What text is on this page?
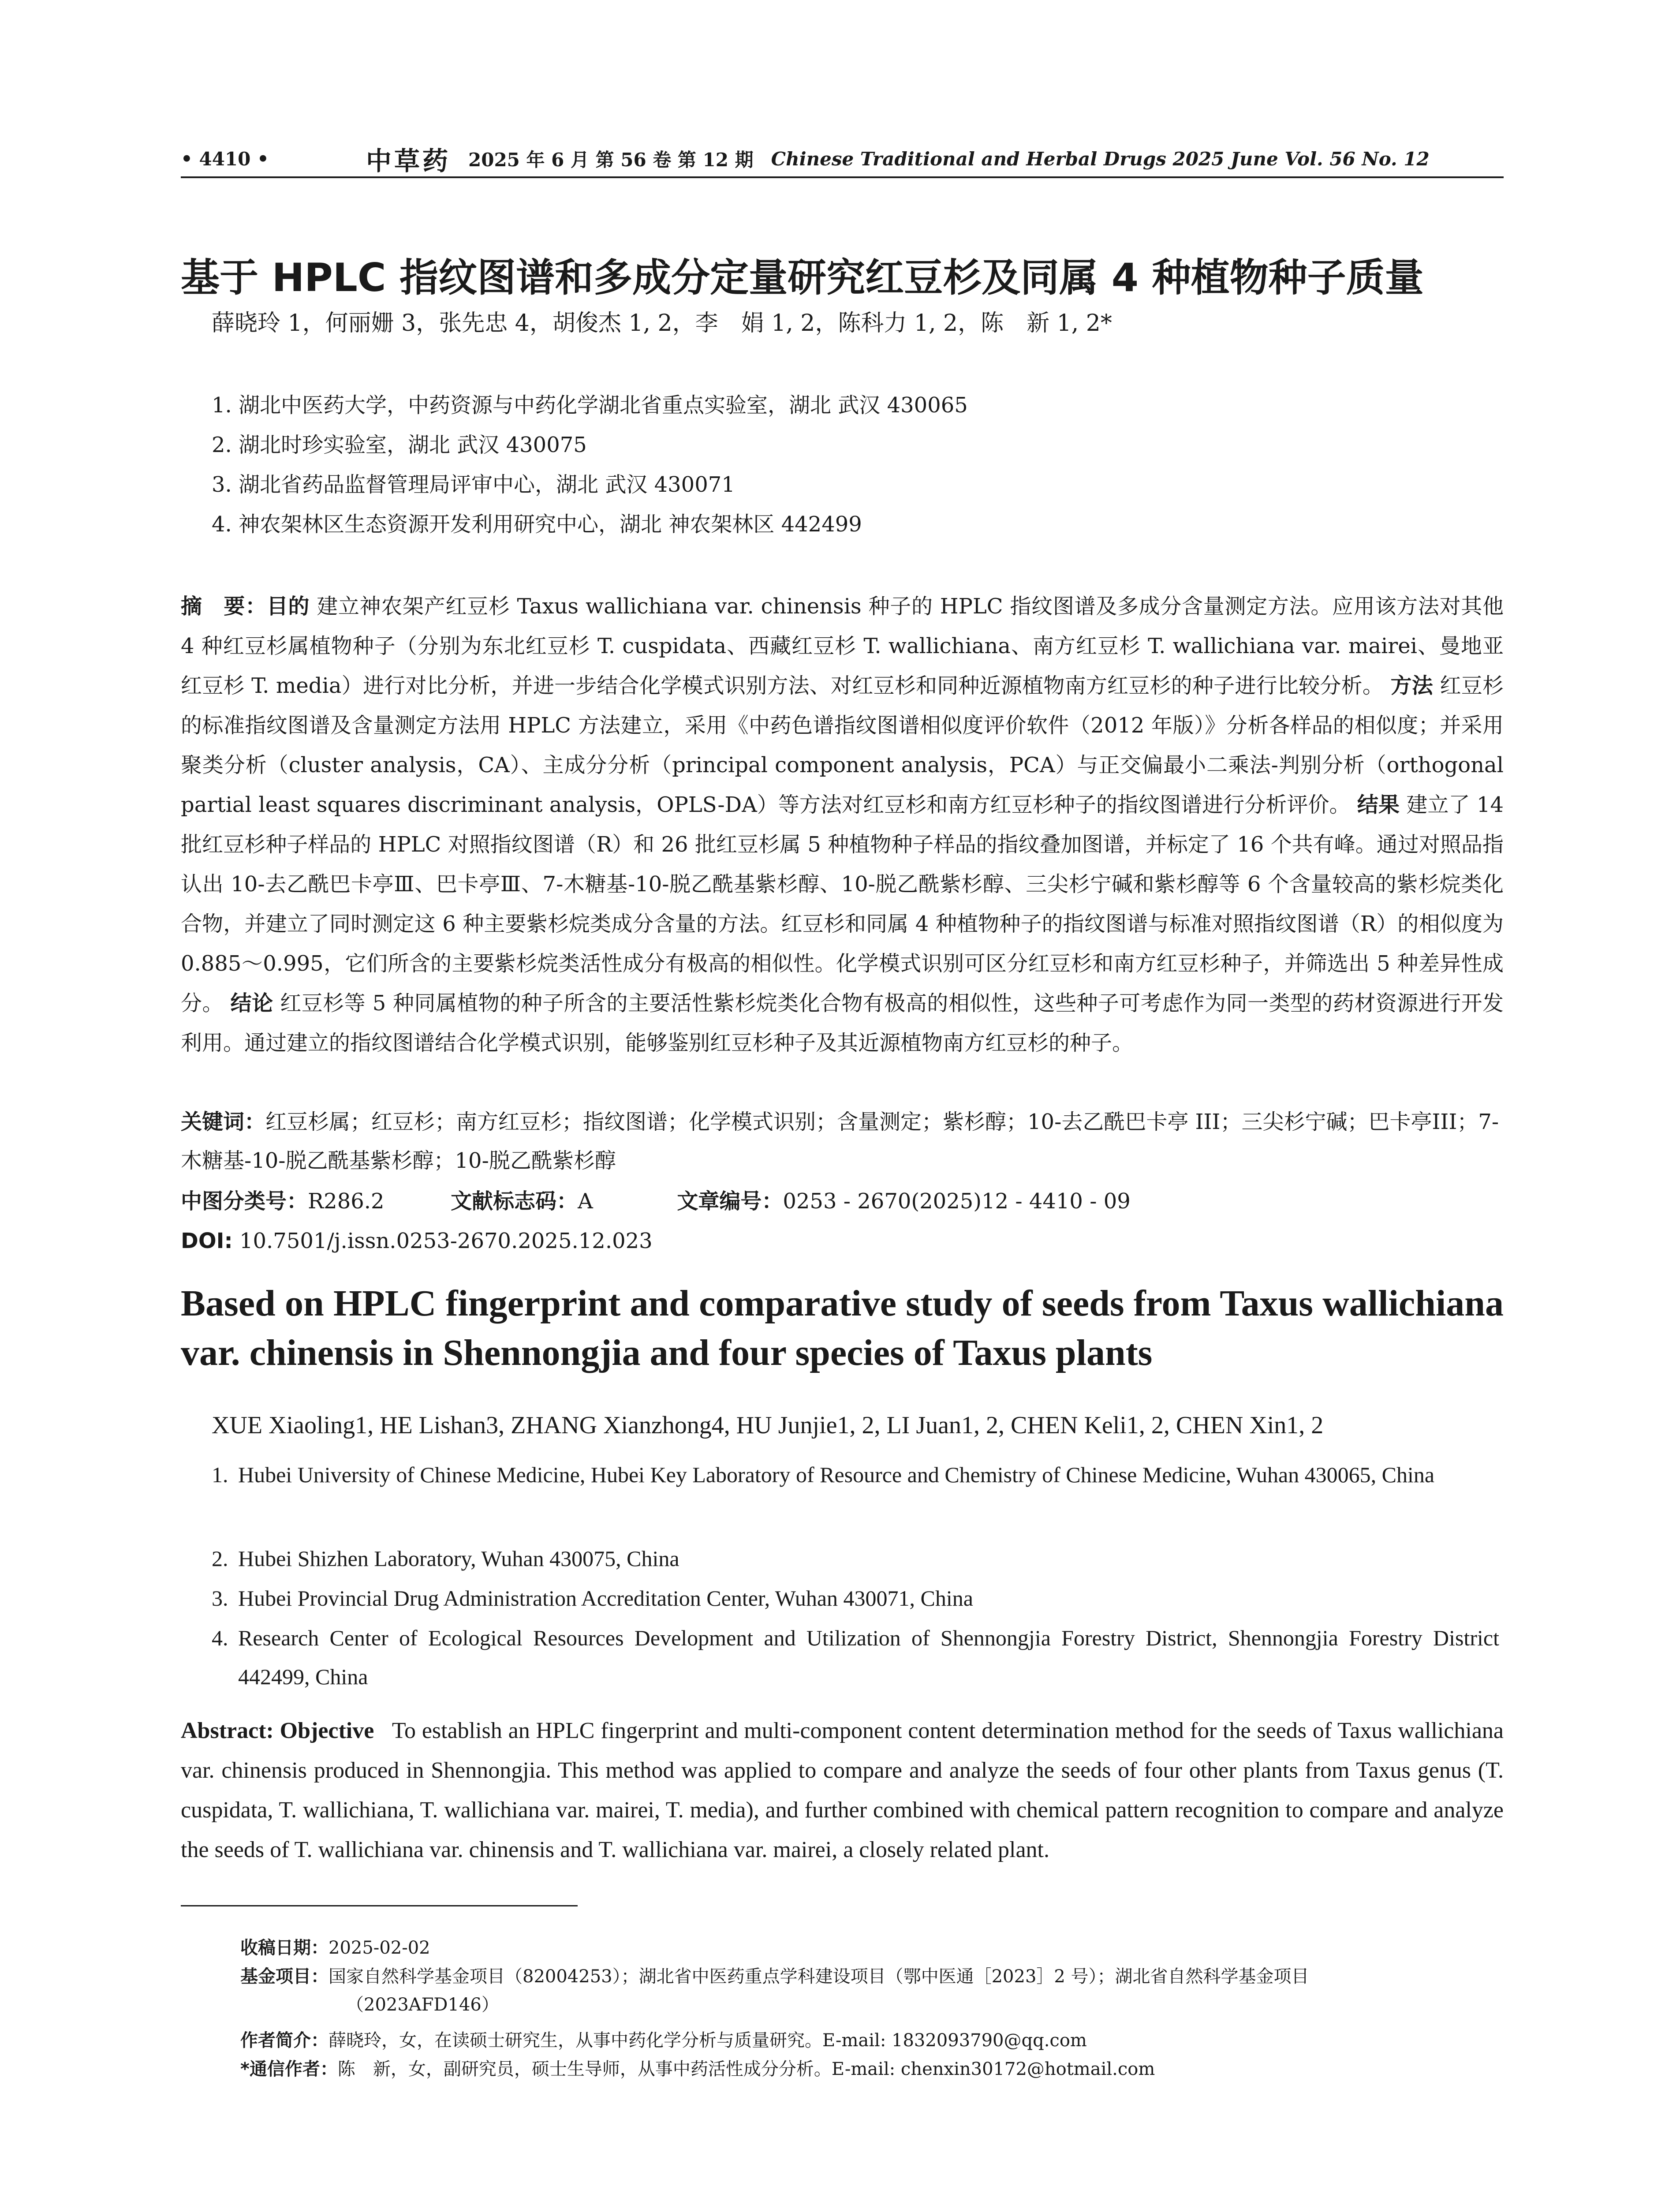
• 4410 •	中草药 2025 年 6 月 第 56 卷 第 12 期 Chinese Traditional and Herbal Drugs 2025 June Vol. 56 No. 12
基于 HPLC 指纹图谱和多成分定量研究红豆杉及同属 4 种植物种子质量
薛晓玲 1，何丽姗 3，张先忠 4，胡俊杰 1, 2，李　娟 1, 2，陈科力 1, 2，陈　新 1, 2*
1. 湖北中医药大学，中药资源与中药化学湖北省重点实验室，湖北 武汉 430065
2. 湖北时珍实验室，湖北 武汉 430075
3. 湖北省药品监督管理局评审中心，湖北 武汉 430071
4. 神农架林区生态资源开发利用研究中心，湖北 神农架林区 442499
摘　要：目的 建立神农架产红豆杉 Taxus wallichiana var. chinensis 种子的 HPLC 指纹图谱及多成分含量测定方法。应用该方法对其他 4 种红豆杉属植物种子（分别为东北红豆杉 T. cuspidata、西藏红豆杉 T. wallichiana、南方红豆杉 T. wallichiana var. mairei、曼地亚红豆杉 T. media）进行对比分析，并进一步结合化学模式识别方法、对红豆杉和同种近源植物南方红豆杉的种子进行比较分析。 方法 红豆杉的标准指纹图谱及含量测定方法用 HPLC 方法建立，采用《中药色谱指纹图谱相似度评价软件（2012 年版）》分析各样品的相似度；并采用聚类分析（cluster analysis，CA）、主成分分析（principal component analysis，PCA）与正交偏最小二乘法-判别分析（orthogonal partial least squares discriminant analysis，OPLS-DA）等方法对红豆杉和南方红豆杉种子的指纹图谱进行分析评价。 结果 建立了 14 批红豆杉种子样品的 HPLC 对照指纹图谱（R）和 26 批红豆杉属 5 种植物种子样品的指纹叠加图谱，并标定了 16 个共有峰。通过对照品指认出 10-去乙酰巴卡亭Ⅲ、巴卡亭Ⅲ、7-木糖基-10-脱乙酰基紫杉醇、10-脱乙酰紫杉醇、三尖杉宁碱和紫杉醇等 6 个含量较高的紫杉烷类化合物，并建立了同时测定这 6 种主要紫杉烷类成分含量的方法。红豆杉和同属 4 种植物种子的指纹图谱与标准对照指纹图谱（R）的相似度为 0.885～0.995，它们所含的主要紫杉烷类活性成分有极高的相似性。化学模式识别可区分红豆杉和南方红豆杉种子，并筛选出 5 种差异性成分。 结论 红豆杉等 5 种同属植物的种子所含的主要活性紫杉烷类化合物有极高的相似性，这些种子可考虑作为同一类型的药材资源进行开发利用。通过建立的指纹图谱结合化学模式识别，能够鉴别红豆杉种子及其近源植物南方红豆杉的种子。
关键词：红豆杉属；红豆杉；南方红豆杉；指纹图谱；化学模式识别；含量测定；紫杉醇；10-去乙酰巴卡亭 III；三尖杉宁碱；巴卡亭III；7-木糖基-10-脱乙酰基紫杉醇；10-脱乙酰紫杉醇
中图分类号：R286.2	文献标志码：A	文章编号：0253 - 2670(2025)12 - 4410 - 09
DOI: 10.7501/j.issn.0253-2670.2025.12.023
Based on HPLC fingerprint and comparative study of seeds from Taxus wallichiana var. chinensis in Shennongjia and four species of Taxus plants
XUE Xiaoling1, HE Lishan3, ZHANG Xianzhong4, HU Junjie1, 2, LI Juan1, 2, CHEN Keli1, 2, CHEN Xin1, 2
1. Hubei University of Chinese Medicine, Hubei Key Laboratory of Resource and Chemistry of Chinese Medicine, Wuhan 430065, China
2. Hubei Shizhen Laboratory, Wuhan 430075, China
3. Hubei Provincial Drug Administration Accreditation Center, Wuhan 430071, China
4. Research Center of Ecological Resources Development and Utilization of Shennongjia Forestry District, Shennongjia Forestry District 442499, China
Abstract: Objective To establish an HPLC fingerprint and multi-component content determination method for the seeds of Taxus wallichiana var. chinensis produced in Shennongjia. This method was applied to compare and analyze the seeds of four other plants from Taxus genus (T. cuspidata, T. wallichiana, T. wallichiana var. mairei, T. media), and further combined with chemical pattern recognition to compare and analyze the seeds of T. wallichiana var. chinensis and T. wallichiana var. mairei, a closely related plant.
收稿日期：2025-02-02
基金项目：国家自然科学基金项目（82004253）；湖北省中医药重点学科建设项目（鄂中医通［2023］2 号）；湖北省自然科学基金项目
（2023AFD146）
作者简介：薛晓玲，女，在读硕士研究生，从事中药化学分析与质量研究。E-mail: 1832093790@qq.com
*通信作者：陈　新，女，副研究员，硕士生导师，从事中药活性成分分析。E-mail: chenxin30172@hotmail.com
